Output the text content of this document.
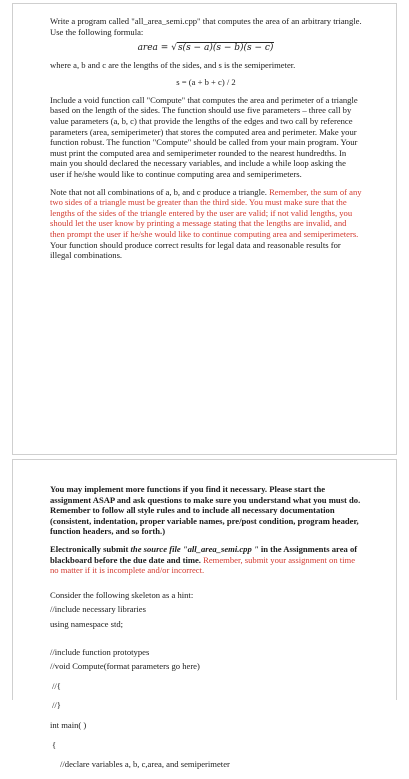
Write a program called "all_area_semi.cpp" that computes the area of an arbitrary triangle. Use the following formula:

area = √s(s − a)(s − b)(s − c)

where a, b and c are the lengths of the sides, and s is the semiperimeter.

s = (a + b + c) / 2

Include a void function call "Compute" that computes the area and perimeter of a triangle based on the length of the sides. The function should use five parameters – three call by value parameters (a, b, c) that provide the lengths of the edges and two call by reference parameters (area, semiperimeter) that stores the computed area and perimeter. Make your function robust. The function "Compute" should be called from your main program. Your must print the computed area and semiperimeter rounded to the nearest hundredths. In main you should declared the necessary variables, and include a while loop asking the user if he/she would like to continue computing area and semiperimeters.

Note that not all combinations of a, b, and c produce a triangle. Remember, the sum of any two sides of a triangle must be greater than the third side. You must make sure that the lengths of the sides of the triangle entered by the user are valid; if not valid lengths, you should let the user know by printing a message stating that the lengths are invalid, and then prompt the user if he/she would like to continue computing area and semiperimeters. Your function should produce correct results for legal data and reasonable results for illegal combinations.

You may implement more functions if you find it necessary. Please start the assignment ASAP and ask questions to make sure you understand what you must do. Remember to follow all style rules and to include all necessary documentation (consistent, indentation, proper variable names, pre/post condition, program header, function headers, and so forth.)

Electronically submit the source file "all_area_semi.cpp " in the Assignments area of blackboard before the due date and time. Remember, submit your assignment on time no matter if it is incomplete and/or incorrect.

Consider the following skeleton as a hint:

//include necessary libraries

using namespace std;

//include function prototypes

//void Compute(format parameters go here)

//{

//}

int main( )

{

//declare variables a, b, c,area, and semiperimeter
